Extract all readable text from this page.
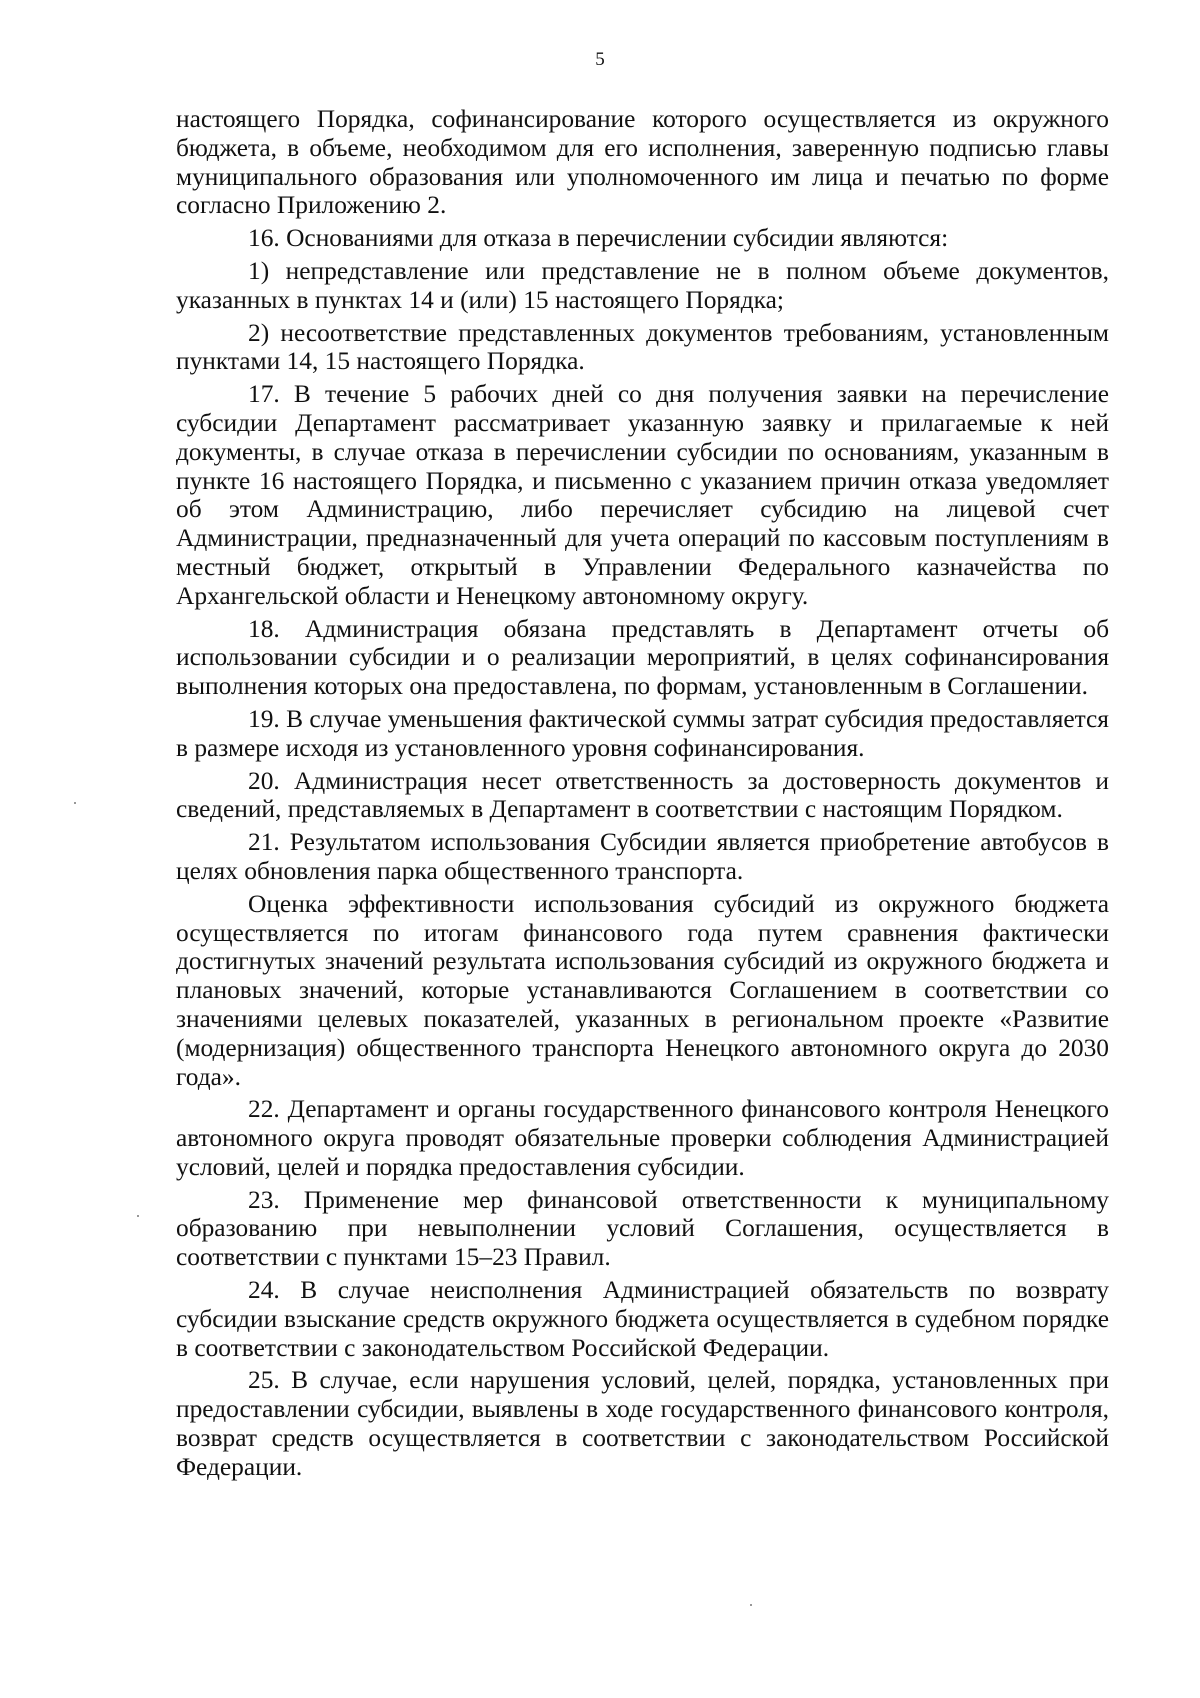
5

настоящего Порядка, софинансирование которого осуществляется из окружного бюджета, в объеме, необходимом для его исполнения, заверенную подписью главы муниципального образования или уполномоченного им лица и печатью по форме согласно Приложению 2.

16. Основаниями для отказа в перечислении субсидии являются:

1) непредставление или представление не в полном объеме документов, указанных в пунктах 14 и (или) 15 настоящего Порядка;

2) несоответствие представленных документов требованиям, установленным пунктами 14, 15 настоящего Порядка.

17. В течение 5 рабочих дней со дня получения заявки на перечисление субсидии Департамент рассматривает указанную заявку и прилагаемые к ней документы, в случае отказа в перечислении субсидии по основаниям, указанным в пункте 16 настоящего Порядка, и письменно с указанием причин отказа уведомляет об этом Администрацию, либо перечисляет субсидию на лицевой счет Администрации, предназначенный для учета операций по кассовым поступлениям в местный бюджет, открытый в Управлении Федерального казначейства по Архангельской области и Ненецкому автономному округу.

18. Администрация обязана представлять в Департамент отчеты об использовании субсидии и о реализации мероприятий, в целях софинансирования выполнения которых она предоставлена, по формам, установленным в Соглашении.

19. В случае уменьшения фактической суммы затрат субсидия предоставляется в размере исходя из установленного уровня софинансирования.

20. Администрация несет ответственность за достоверность документов и сведений, представляемых в Департамент в соответствии с настоящим Порядком.

21. Результатом использования Субсидии является приобретение автобусов в целях обновления парка общественного транспорта.

Оценка эффективности использования субсидий из окружного бюджета осуществляется по итогам финансового года путем сравнения фактически достигнутых значений результата использования субсидий из окружного бюджета и плановых значений, которые устанавливаются Соглашением в соответствии со значениями целевых показателей, указанных в региональном проекте «Развитие (модернизация) общественного транспорта Ненецкого автономного округа до 2030 года».

22. Департамент и органы государственного финансового контроля Ненецкого автономного округа проводят обязательные проверки соблюдения Администрацией условий, целей и порядка предоставления субсидии.

23. Применение мер финансовой ответственности к муниципальному образованию при невыполнении условий Соглашения, осуществляется в соответствии с пунктами 15–23 Правил.

24. В случае неисполнения Администрацией обязательств по возврату субсидии взыскание средств окружного бюджета осуществляется в судебном порядке в соответствии с законодательством Российской Федерации.

25. В случае, если нарушения условий, целей, порядка, установленных при предоставлении субсидии, выявлены в ходе государственного финансового контроля, возврат средств осуществляется в соответствии с законодательством Российской Федерации.
